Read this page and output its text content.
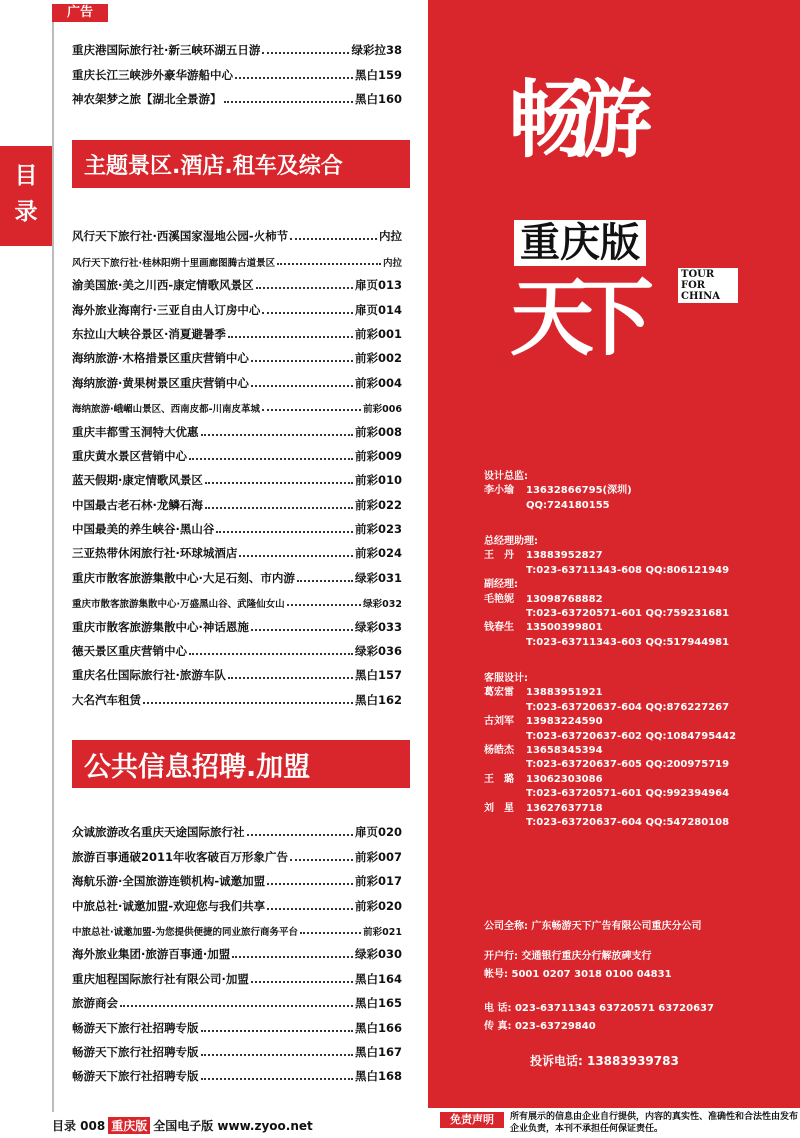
广告
目
录
重庆港国际旅行社·新三峡环湖五日游	绿彩拉38
重庆长江三峡涉外豪华游船中心	黑白159
神农架梦之旅【湖北全景游】	黑白160
主题景区.酒店.租车及综合
风行天下旅行社·西溪国家湿地公园-火柿节	内拉
风行天下旅行社·桂林阳朔十里画廊图腾古道景区	内拉
渝美国旅·美之川西-康定情歌风景区	扉页013
海外旅业海南行·三亚自由人订房中心	扉页014
东拉山大峡谷景区·消夏避暑季	前彩001
海纳旅游·木格措景区重庆营销中心	前彩002
海纳旅游·黄果树景区重庆营销中心	前彩004
海纳旅游·峨嵋山景区、西南皮都-川南皮革城	前彩006
重庆丰都雪玉洞特大优惠	前彩008
重庆黄水景区营销中心	前彩009
蓝天假期·康定情歌风景区	前彩010
中国最古老石林·龙鳞石海	前彩022
中国最美的养生峡谷·黑山谷	前彩023
三亚热带休闲旅行社·环球城酒店	前彩024
重庆市散客旅游集散中心·大足石刻、市内游	绿彩031
重庆市散客旅游集散中心·万盛黑山谷、武隆仙女山	绿彩032
重庆市散客旅游集散中心·神话恩施	绿彩033
德天景区重庆营销中心	绿彩036
重庆名仕国际旅行社·旅游车队	黑白157
大名汽车租赁	黑白162
公共信息招聘.加盟
众诚旅游改名重庆天途国际旅行社	扉页020
旅游百事通破2011年收客破百万形象广告	前彩007
海航乐游·全国旅游连锁机构-诚邀加盟	前彩017
中旅总社·诚邀加盟-欢迎您与我们共享	前彩020
中旅总社·诚邀加盟-为您提供便捷的同业旅行商务平台	前彩021
海外旅业集团·旅游百事通·加盟	绿彩030
重庆旭程国际旅行社有限公司·加盟	黑白164
旅游商会	黑白165
畅游天下旅行社招聘专版	黑白166
畅游天下旅行社招聘专版	黑白167
畅游天下旅行社招聘专版	黑白168
畅
游
天
下
重庆版
TOUR FOR CHINA
设计总监:
李小瑜	13632866795(深圳)
QQ:724180155
总经理助理:
王　丹	13883952827
T:023-63711343-608 QQ:806121949
副经理:
毛艳妮	13098768882
T:023-63720571-601 QQ:759231681
钱春生	13500399801
T:023-63711343-603 QQ:517944981
客服设计:
葛宏雷	13883951921
T:023-63720637-604 QQ:876227267
古刘军	13983224590
T:023-63720637-602 QQ:1084795442
杨皓杰	13658345394
T:023-63720637-605 QQ:200975719
王　璐	13062303086
T:023-63720571-601 QQ:992394964
刘　星	13627637718
T:023-63720637-604 QQ:547280108
公司全称: 广东畅游天下广告有限公司重庆分公司
开户行: 交通银行重庆分行解放碑支行
帐号: 5001 0207 3018 0100 04831
电 话: 023-63711343 63720571 63720637
传 真: 023-63729840
投诉电话: 13883939783
目录 008 重庆版 全国电子版 www.zyoo.net	免责声明	所有展示的信息由企业自行提供，内容的真实性、准确性和合法性由发布企业负责，本刊不承担任何保证责任。
